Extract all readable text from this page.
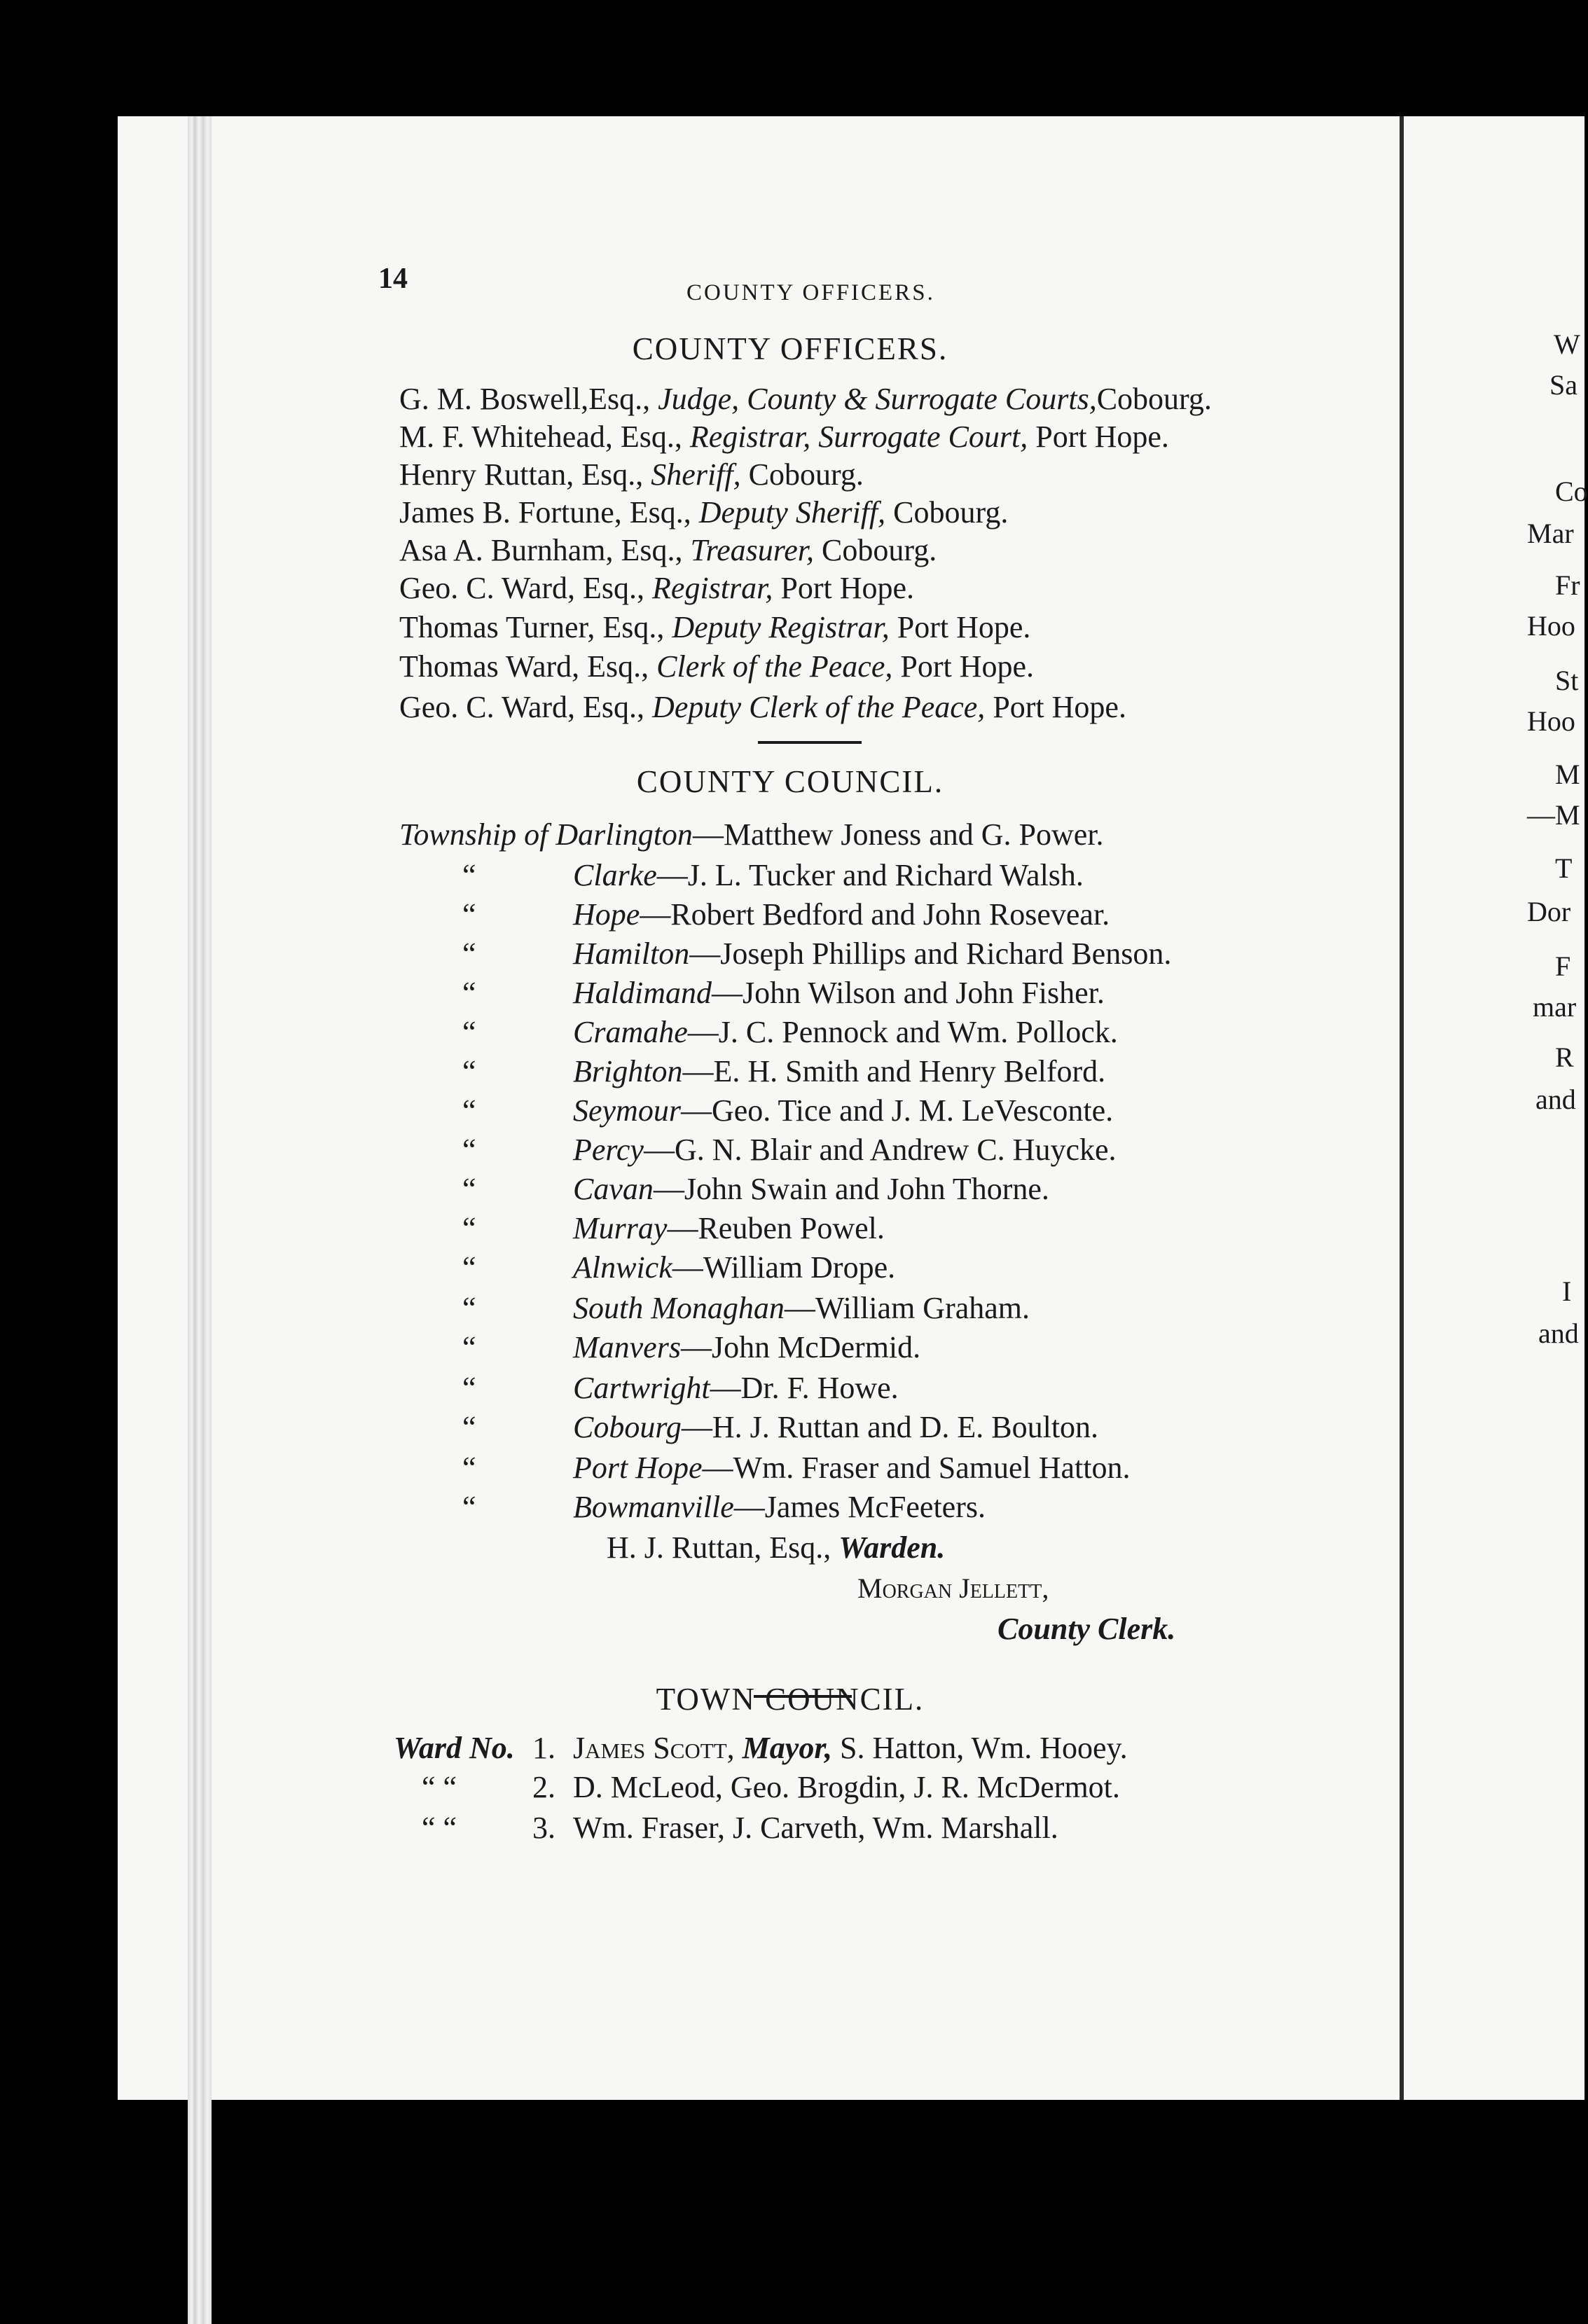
W
Sa
Co
Mar
Fr
Hoo
St
Hoo
M
—M
T
Dor
F
mar
R
and
I
and
14	COUNTY OFFICERS.
COUNTY OFFICERS.
G. M. Boswell,Esq., Judge, County & Surrogate Courts,Cobourg.
M. F. Whitehead, Esq., Registrar, Surrogate Court, Port Hope.
Henry Ruttan, Esq., Sheriff, Cobourg.
James B. Fortune, Esq., Deputy Sheriff, Cobourg.
Asa A. Burnham, Esq., Treasurer, Cobourg.
Geo. C. Ward, Esq., Registrar, Port Hope.
Thomas Turner, Esq., Deputy Registrar, Port Hope.
Thomas Ward, Esq., Clerk of the Peace, Port Hope.
Geo. C. Ward, Esq., Deputy Clerk of the Peace, Port Hope.
COUNTY COUNCIL.
Township of Darlington—Matthew Joness and G. Power.
“	Clarke—J. L. Tucker and Richard Walsh.
“	Hope—Robert Bedford and John Rosevear.
“	Hamilton—Joseph Phillips and Richard Benson.
“	Haldimand—John Wilson and John Fisher.
“	Cramahe—J. C. Pennock and Wm. Pollock.
“	Brighton—E. H. Smith and Henry Belford.
“	Seymour—Geo. Tice and J. M. LeVesconte.
“	Percy—G. N. Blair and Andrew C. Huycke.
“	Cavan—John Swain and John Thorne.
“	Murray—Reuben Powel.
“	Alnwick—William Drope.
“	South Monaghan—William Graham.
“	Manvers—John McDermid.
“	Cartwright—Dr. F. Howe.
“	Cobourg—H. J. Ruttan and D. E. Boulton.
“	Port Hope—Wm. Fraser and Samuel Hatton.
“	Bowmanville—James McFeeters.
H. J. Ruttan, Esq., Warden.
Morgan Jellett,
County Clerk.
TOWN COUNCIL.
Ward No. 1. James Scott, Mayor, S. Hatton, Wm. Hooey.
“ “ 2. D. McLeod, Geo. Brogdin, J. R. McDermot.
“ “ 3. Wm. Fraser, J. Carveth, Wm. Marshall.
